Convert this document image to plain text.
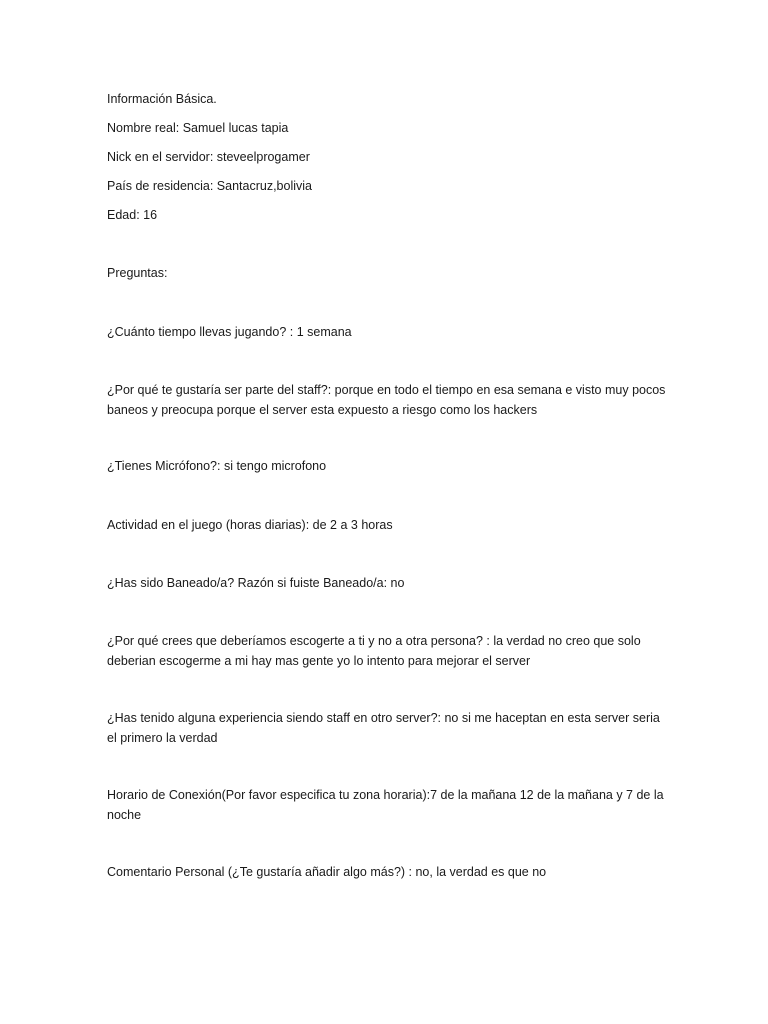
Información Básica.
Nombre real: Samuel lucas tapia
Nick en el servidor: steveelprogamer
País de residencia: Santacruz,bolivia
Edad: 16
Preguntas:
¿Cuánto tiempo llevas jugando? : 1 semana
¿Por qué te gustaría ser parte del staff?: porque en todo el tiempo en esa semana e visto muy pocos baneos y preocupa porque el server esta expuesto a riesgo como los hackers
¿Tienes Micrófono?: si tengo microfono
Actividad en el juego (horas diarias): de 2 a 3 horas
¿Has sido Baneado/a? Razón si fuiste Baneado/a: no
¿Por qué crees que deberíamos escogerte a ti y no a otra persona? : la verdad no creo que solo deberian escogerme a mi hay mas gente yo lo intento para mejorar el server
¿Has tenido alguna experiencia siendo staff en otro server?: no si me haceptan en esta server seria el primero la verdad
Horario de Conexión(Por favor especifica tu zona horaria):7 de la mañana 12 de la mañana y 7 de la noche
Comentario Personal (¿Te gustaría añadir algo más?) : no, la verdad es que no
